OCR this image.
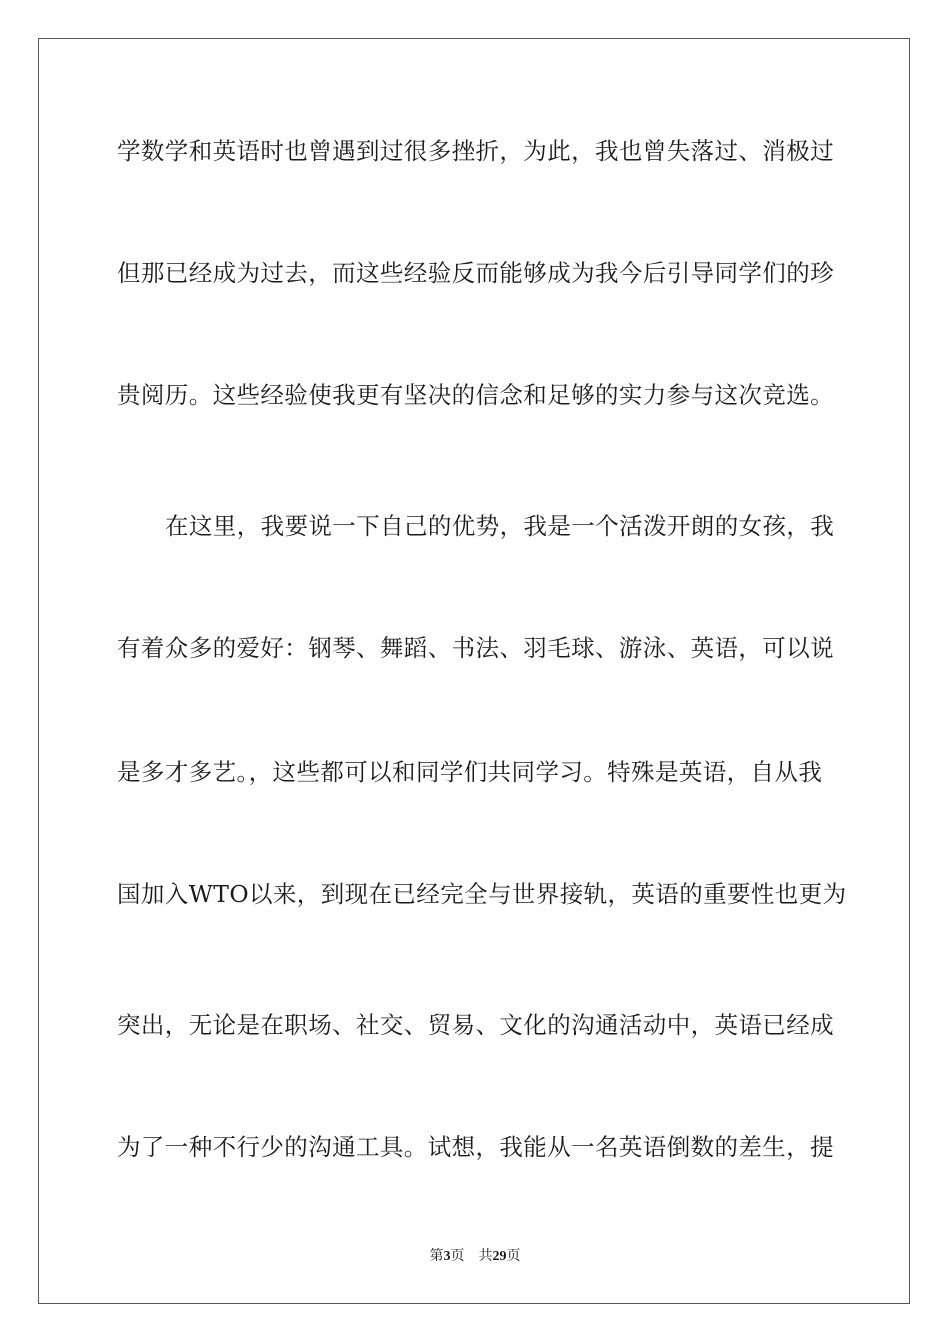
学数学和英语时也曾遇到过很多挫折，为此，我也曾失落过、消极过
但那已经成为过去，而这些经验反而能够成为我今后引导同学们的珍
贵阅历。这些经验使我更有坚决的信念和足够的实力参与这次竞选。
在这里，我要说一下自己的优势，我是一个活泼开朗的女孩，我
有着众多的爱好：钢琴、舞蹈、书法、羽毛球、游泳、英语，可以说
是多才多艺。，这些都可以和同学们共同学习。特殊是英语，自从我
国加入WTO以来，到现在已经完全与世界接轨，英语的重要性也更为
突出，无论是在职场、社交、贸易、文化的沟通活动中，英语已经成
为了一种不行少的沟通工具。试想，我能从一名英语倒数的差生，提
第3页 共29页
